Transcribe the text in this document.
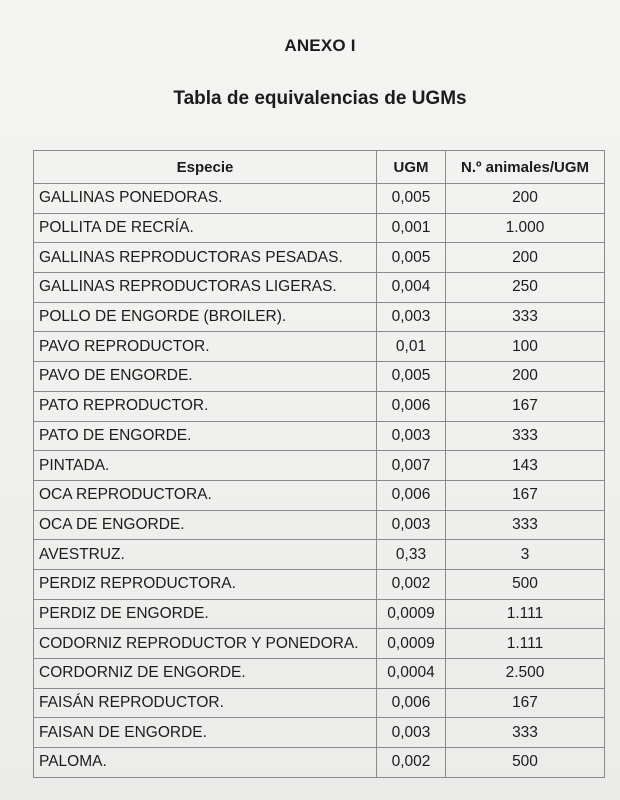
ANEXO I
Tabla de equivalencias de UGMs
Especie	UGM	N.º animales/UGM
GALLINAS PONEDORAS.	0,005	200
POLLITA DE RECRÍA.	0,001	1.000
GALLINAS REPRODUCTORAS PESADAS.	0,005	200
GALLINAS REPRODUCTORAS LIGERAS.	0,004	250
POLLO DE ENGORDE (BROILER).	0,003	333
PAVO REPRODUCTOR.	0,01	100
PAVO DE ENGORDE.	0,005	200
PATO REPRODUCTOR.	0,006	167
PATO DE ENGORDE.	0,003	333
PINTADA.	0,007	143
OCA REPRODUCTORA.	0,006	167
OCA DE ENGORDE.	0,003	333
AVESTRUZ.	0,33	3
PERDIZ REPRODUCTORA.	0,002	500
PERDIZ DE ENGORDE.	0,0009	1.111
CODORNIZ REPRODUCTOR Y PONEDORA.	0,0009	1.111
CORDORNIZ DE ENGORDE.	0,0004	2.500
FAISÁN REPRODUCTOR.	0,006	167
FAISAN DE ENGORDE.	0,003	333
PALOMA.	0,002	500
